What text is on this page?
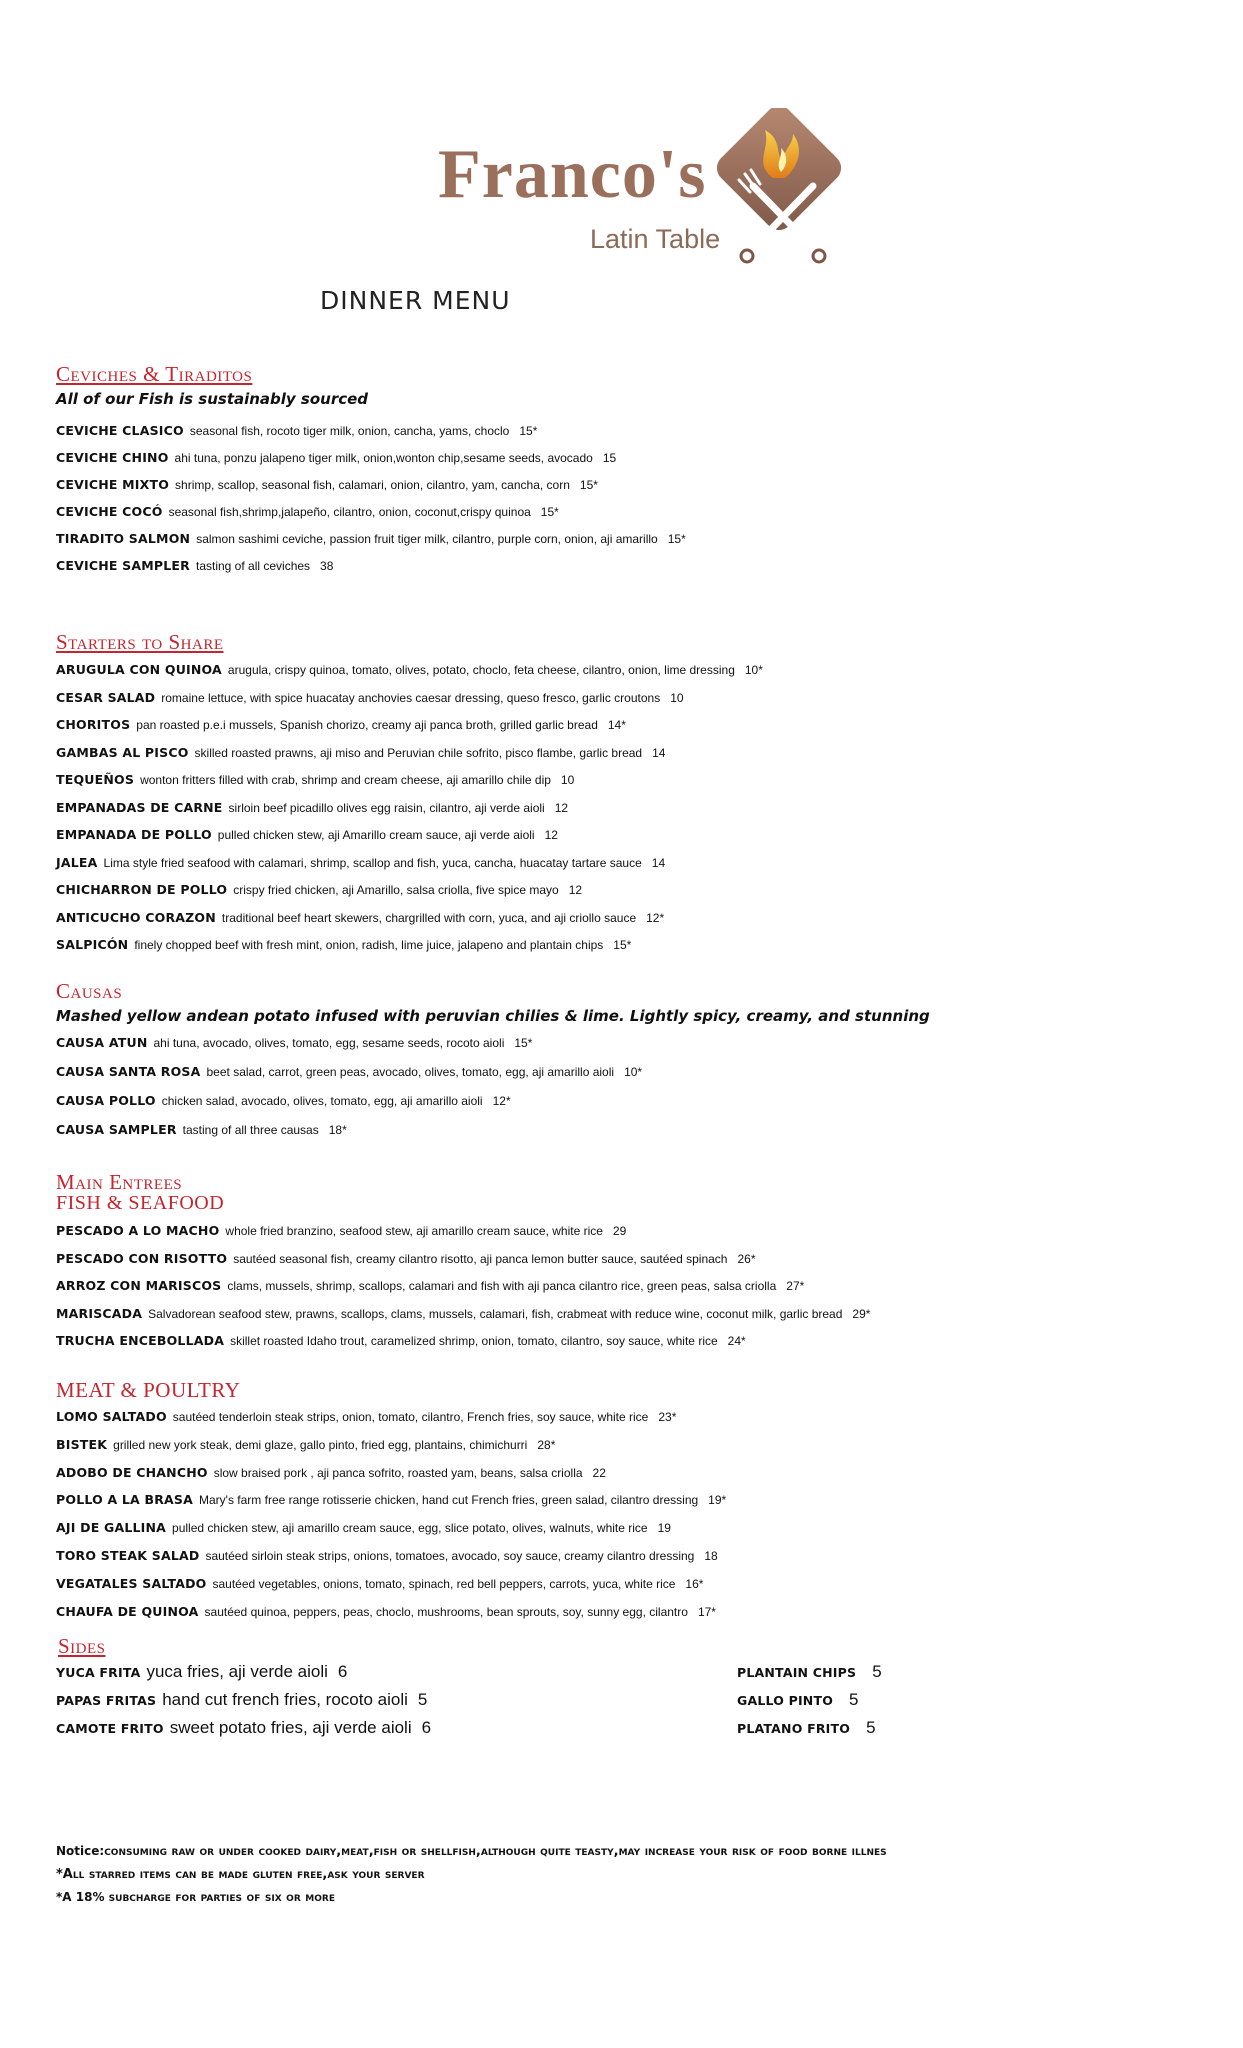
Franco's
Latin Table
DINNER MENU
Ceviches & Tiraditos
All of our Fish is sustainably sourced
CEVICHE CLASICO seasonal fish, rocoto tiger milk, onion, cancha, yams, choclo 15*
CEVICHE CHINO ahi tuna, ponzu jalapeno tiger milk, onion,wonton chip,sesame seeds, avocado 15
CEVICHE MIXTO shrimp, scallop, seasonal fish, calamari, onion, cilantro, yam, cancha, corn 15*
CEVICHE COCÓ seasonal fish,shrimp,jalapeño, cilantro, onion, coconut,crispy quinoa 15*
TIRADITO SALMON salmon sashimi ceviche, passion fruit tiger milk, cilantro, purple corn, onion, aji amarillo 15*
CEVICHE SAMPLER tasting of all ceviches 38
Starters to Share
ARUGULA CON QUINOA arugula, crispy quinoa, tomato, olives, potato, choclo, feta cheese, cilantro, onion, lime dressing 10*
CESAR SALAD romaine lettuce, with spice huacatay anchovies caesar dressing, queso fresco, garlic croutons 10
CHORITOS pan roasted p.e.i mussels, Spanish chorizo, creamy aji panca broth, grilled garlic bread 14*
GAMBAS AL PISCO skilled roasted prawns, aji miso and Peruvian chile sofrito, pisco flambe, garlic bread 14
TEQUEÑOS wonton fritters filled with crab, shrimp and cream cheese, aji amarillo chile dip 10
EMPANADAS DE CARNE sirloin beef picadillo olives egg raisin, cilantro, aji verde aioli 12
EMPANADA DE POLLO pulled chicken stew, aji Amarillo cream sauce, aji verde aioli 12
JALEA Lima style fried seafood with calamari, shrimp, scallop and fish, yuca, cancha, huacatay tartare sauce 14
CHICHARRON DE POLLO crispy fried chicken, aji Amarillo, salsa criolla, five spice mayo 12
ANTICUCHO CORAZON traditional beef heart skewers, chargrilled with corn, yuca, and aji criollo sauce 12*
SALPICÓN finely chopped beef with fresh mint, onion, radish, lime juice, jalapeno and plantain chips 15*
Causas
Mashed yellow andean potato infused with peruvian chilies & lime. Lightly spicy, creamy, and stunning
CAUSA ATUN ahi tuna, avocado, olives, tomato, egg, sesame seeds, rocoto aioli 15*
CAUSA SANTA ROSA beet salad, carrot, green peas, avocado, olives, tomato, egg, aji amarillo aioli 10*
CAUSA POLLO chicken salad, avocado, olives, tomato, egg, aji amarillo aioli 12*
CAUSA SAMPLER tasting of all three causas 18*
Main Entrees
FISH & SEAFOOD
PESCADO A LO MACHO whole fried branzino, seafood stew, aji amarillo cream sauce, white rice 29
PESCADO CON RISOTTO sautéed seasonal fish, creamy cilantro risotto, aji panca lemon butter sauce, sautéed spinach 26*
ARROZ CON MARISCOS clams, mussels, shrimp, scallops, calamari and fish with aji panca cilantro rice, green peas, salsa criolla 27*
MARISCADA Salvadorean seafood stew, prawns, scallops, clams, mussels, calamari, fish, crabmeat with reduce wine, coconut milk, garlic bread 29*
TRUCHA ENCEBOLLADA skillet roasted Idaho trout, caramelized shrimp, onion, tomato, cilantro, soy sauce, white rice 24*
MEAT & POULTRY
LOMO SALTADO sautéed tenderloin steak strips, onion, tomato, cilantro, French fries, soy sauce, white rice 23*
BISTEK grilled new york steak, demi glaze, gallo pinto, fried egg, plantains, chimichurri 28*
ADOBO DE CHANCHO slow braised pork , aji panca sofrito, roasted yam, beans, salsa criolla 22
POLLO A LA BRASA Mary's farm free range rotisserie chicken, hand cut French fries, green salad, cilantro dressing 19*
AJI DE GALLINA pulled chicken stew, aji amarillo cream sauce, egg, slice potato, olives, walnuts, white rice 19
TORO STEAK SALAD sautéed sirloin steak strips, onions, tomatoes, avocado, soy sauce, creamy cilantro dressing 18
VEGATALES SALTADO sautéed vegetables, onions, tomato, spinach, red bell peppers, carrots, yuca, white rice 16*
CHAUFA DE QUINOA sautéed quinoa, peppers, peas, choclo, mushrooms, bean sprouts, soy, sunny egg, cilantro 17*
Sides
YUCA FRITA yuca fries, aji verde aioli 6
PAPAS FRITAS hand cut french fries, rocoto aioli 5
CAMOTE FRITO sweet potato fries, aji verde aioli 6
PLANTAIN CHIPS 5
GALLO PINTO 5
PLATANO FRITO 5
Notice:consuming raw or under cooked dairy,meat,fish or shellfish,although quite teasty,may increase your risk of food borne illnes
*All starred items can be made gluten free,ask your server
*A 18% subcharge for parties of six or more
